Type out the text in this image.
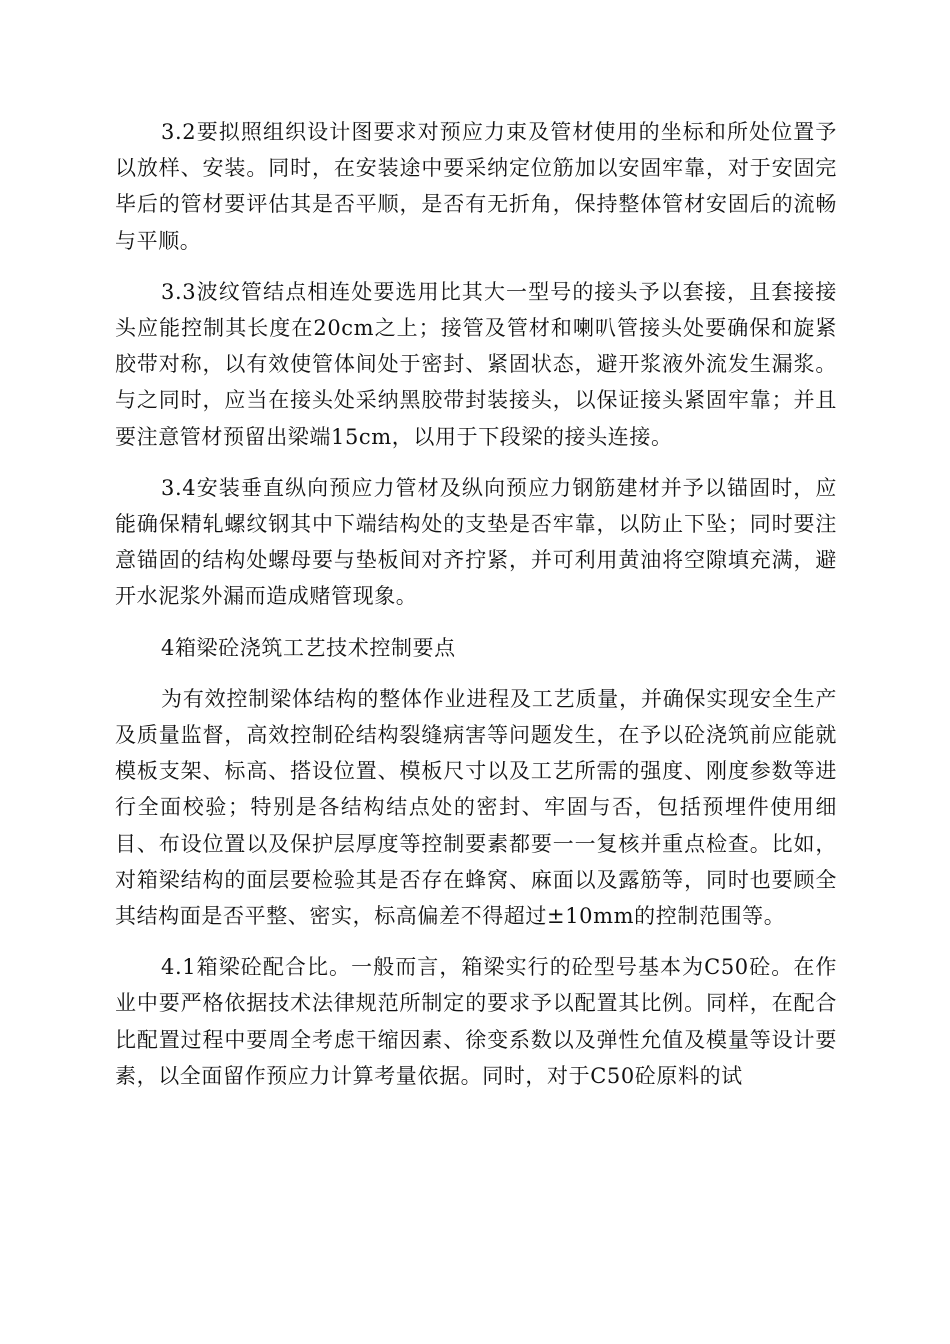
3.2要拟照组织设计图要求对预应力束及管材使用的坐标和所处位置予以放样、安装。同时，在安装途中要采纳定位筋加以安固牢靠，对于安固完毕后的管材要评估其是否平顺，是否有无折角，保持整体管材安固后的流畅与平顺。

3.3波纹管结点相连处要选用比其大一型号的接头予以套接，且套接接头应能控制其长度在20cm之上；接管及管材和喇叭管接头处要确保和旋紧胶带对称，以有效使管体间处于密封、紧固状态，避开浆液外流发生漏浆。与之同时，应当在接头处采纳黑胶带封装接头，以保证接头紧固牢靠；并且要注意管材预留出梁端15cm，以用于下段梁的接头连接。

3.4安装垂直纵向预应力管材及纵向预应力钢筋建材并予以锚固时，应能确保精轧螺纹钢其中下端结构处的支垫是否牢靠，以防止下坠；同时要注意锚固的结构处螺母要与垫板间对齐拧紧，并可利用黄油将空隙填充满，避开水泥浆外漏而造成赌管现象。

4箱梁砼浇筑工艺技术控制要点

为有效控制梁体结构的整体作业进程及工艺质量，并确保实现安全生产及质量监督，高效控制砼结构裂缝病害等问题发生，在予以砼浇筑前应能就模板支架、标高、搭设位置、模板尺寸以及工艺所需的强度、刚度参数等进行全面校验；特别是各结构结点处的密封、牢固与否，包括预埋件使用细目、布设位置以及保护层厚度等控制要素都要一一复核并重点检查。比如，对箱梁结构的面层要检验其是否存在蜂窝、麻面以及露筋等，同时也要顾全其结构面是否平整、密实，标高偏差不得超过±10mm的控制范围等。

4.1箱梁砼配合比。一般而言，箱梁实行的砼型号基本为C50砼。在作业中要严格依据技术法律规范所制定的要求予以配置其比例。同样，在配合比配置过程中要周全考虑干缩因素、徐变系数以及弹性允值及模量等设计要素，以全面留作预应力计算考量依据。同时，对于C50砼原料的试
